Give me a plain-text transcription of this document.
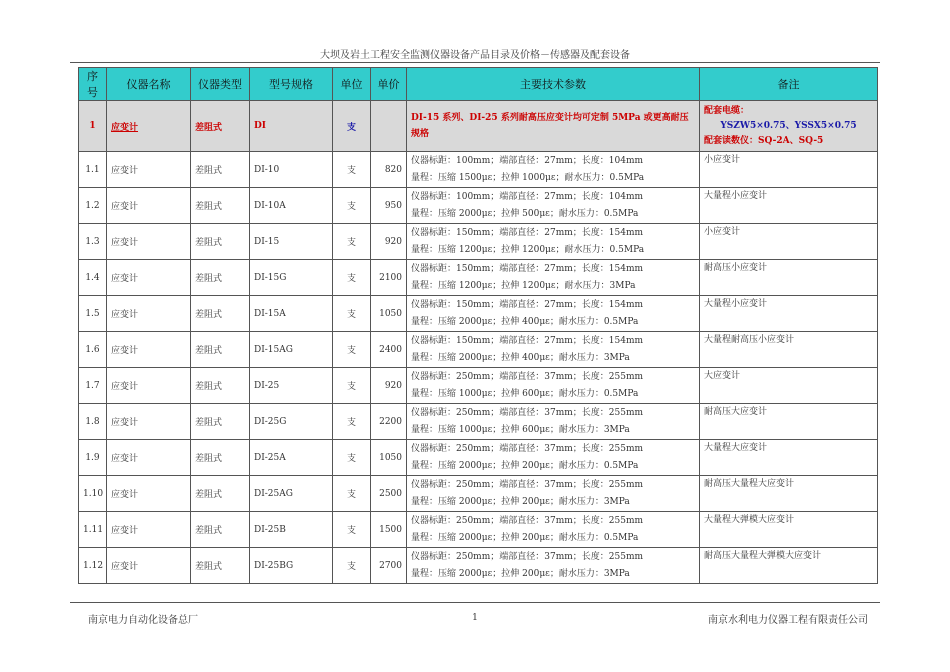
大坝及岩土工程安全监测仪器设备产品目录及价格－传感器及配套设备
序号	仪器名称	仪器类型	型号规格	单位	单价	主要技术参数	备注
1	应变计	差阻式	DI	支		DI-15 系列、DI-25 系列耐高压应变计均可定制 5MPa 或更高耐压规格	配套电缆：
YSZW5×0.75、YSSX5×0.75
配套读数仪：SQ-2A、SQ-5

1.1	应变计	差阻式	DI-10	支	820	仪器标距：100mm；端部直径：27mm；长度：104mm
量程：压缩 1500με；拉伸 1000με；耐水压力：0.5MPa	小应变计
1.2	应变计	差阻式	DI-10A	支	950	仪器标距：100mm；端部直径：27mm；长度：104mm
量程：压缩 2000με；拉伸 500με；耐水压力：0.5MPa	大量程小应变计
1.3	应变计	差阻式	DI-15	支	920	仪器标距：150mm；端部直径：27mm；长度：154mm
量程：压缩 1200με；拉伸 1200με；耐水压力：0.5MPa	小应变计
1.4	应变计	差阻式	DI-15G	支	2100	仪器标距：150mm；端部直径：27mm；长度：154mm
量程：压缩 1200με；拉伸 1200με；耐水压力：3MPa	耐高压小应变计
1.5	应变计	差阻式	DI-15A	支	1050	仪器标距：150mm；端部直径：27mm；长度：154mm
量程：压缩 2000με；拉伸 400με；耐水压力：0.5MPa	大量程小应变计
1.6	应变计	差阻式	DI-15AG	支	2400	仪器标距：150mm；端部直径：27mm；长度：154mm
量程：压缩 2000με；拉伸 400με；耐水压力：3MPa	大量程耐高压小应变计
1.7	应变计	差阻式	DI-25	支	920	仪器标距：250mm；端部直径：37mm；长度：255mm
量程：压缩 1000με；拉伸 600με；耐水压力：0.5MPa	大应变计
1.8	应变计	差阻式	DI-25G	支	2200	仪器标距：250mm；端部直径：37mm；长度：255mm
量程：压缩 1000με；拉伸 600με；耐水压力：3MPa	耐高压大应变计
1.9	应变计	差阻式	DI-25A	支	1050	仪器标距：250mm；端部直径：37mm；长度：255mm
量程：压缩 2000με；拉伸 200με；耐水压力：0.5MPa	大量程大应变计
1.10	应变计	差阻式	DI-25AG	支	2500	仪器标距：250mm；端部直径：37mm；长度：255mm
量程：压缩 2000με；拉伸 200με；耐水压力：3MPa	耐高压大量程大应变计
1.11	应变计	差阻式	DI-25B	支	1500	仪器标距：250mm；端部直径：37mm；长度：255mm
量程：压缩 2000με；拉伸 200με；耐水压力：0.5MPa	大量程大弹模大应变计
1.12	应变计	差阻式	DI-25BG	支	2700	仪器标距：250mm；端部直径：37mm；长度：255mm
量程：压缩 2000με；拉伸 200με；耐水压力：3MPa	耐高压大量程大弹模大应变计
南京电力自动化设备总厂	1	南京水利电力仪器工程有限责任公司
